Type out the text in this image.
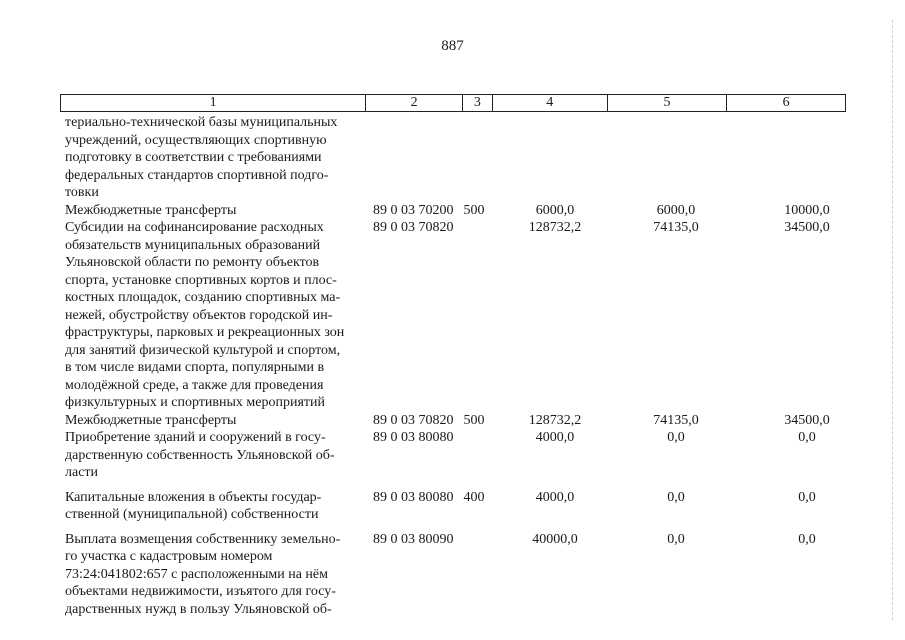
887
1	2	3	4	5	6
териально-технической базы муниципальных
учреждений, осуществляющих спортивную
подготовку в соответствии с требованиями
федеральных стандартов спортивной подго-
товки
Межбюджетные трансферты	89 0 03 70200 500	6000,0	6000,0	10000,0
Субсидии на софинансирование расходных
обязательств муниципальных образований
Ульяновской области по ремонту объектов
спорта, установке спортивных кортов и плос-
костных площадок, созданию спортивных ма-
нежей, обустройству объектов городской ин-
фраструктуры, парковых и рекреационных зон
для занятий физической культурой и спортом,
в том числе видами спорта, популярными в
молодёжной среде, а также для проведения
физкультурных и спортивных мероприятий
89 0 03 70820	128732,2	74135,0	34500,0
Межбюджетные трансферты	89 0 03 70820 500	128732,2	74135,0	34500,0
Приобретение зданий и сооружений в госу-
дарственную собственность Ульяновской об-
ласти
89 0 03 80080	4000,0	0,0	0,0
Капитальные вложения в объекты государ-
ственной (муниципальной) собственности
89 0 03 80080 400	4000,0	0,0	0,0
Выплата возмещения собственнику земельно-
го участка с кадастровым номером
73:24:041802:657 с расположенными на нём
объектами недвижимости, изъятого для госу-
дарственных нужд в пользу Ульяновской об-
89 0 03 80090	40000,0	0,0	0,0
